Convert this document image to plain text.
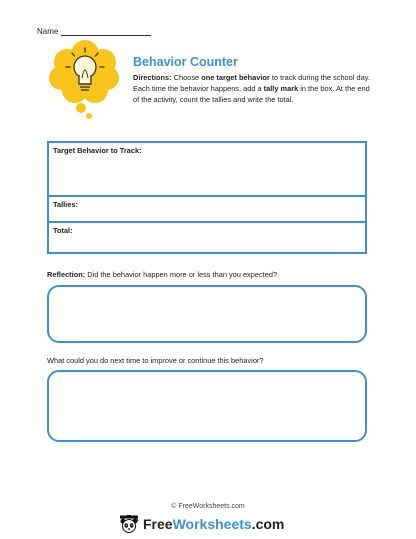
Name
Behavior Counter
Directions: Choose one target behavior to track during the school day. Each time the behavior happens, add a tally mark in the box. At the end of the activity, count the tallies and write the total.
Target Behavior to Track:
Tallies:
Total:
Reflection: Did the behavior happen more or less than you expected?
What could you do next time to improve or continue this behavior?
© FreeWorksheets.com
FreeWorksheets.com
